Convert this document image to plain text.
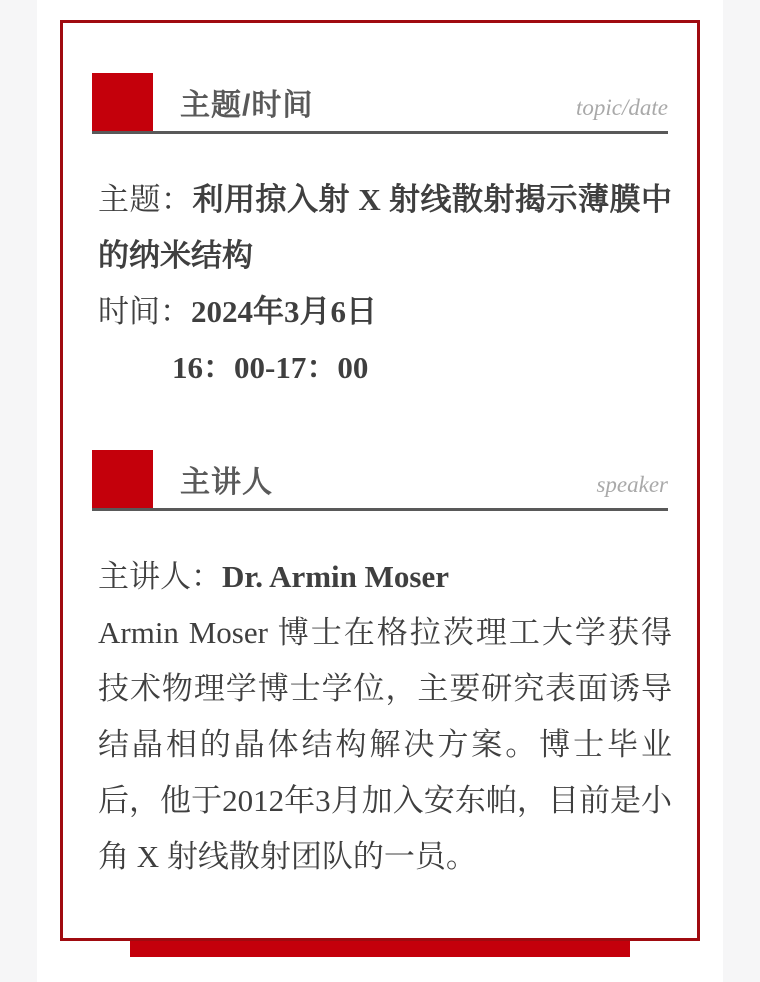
主题/时间	topic/date

主题：利用掠入射 X 射线散射揭示薄膜中的纳米结构

时间：2024年3月6日

16：00-17：00

主讲人	speaker

主讲人：Dr. Armin Moser

Armin Moser 博士在格拉茨理工大学获得技术物理学博士学位，主要研究表面诱导结晶相的晶体结构解决方案。博士毕业后，他于2012年3月加入安东帕，目前是小角 X 射线散射团队的一员。
